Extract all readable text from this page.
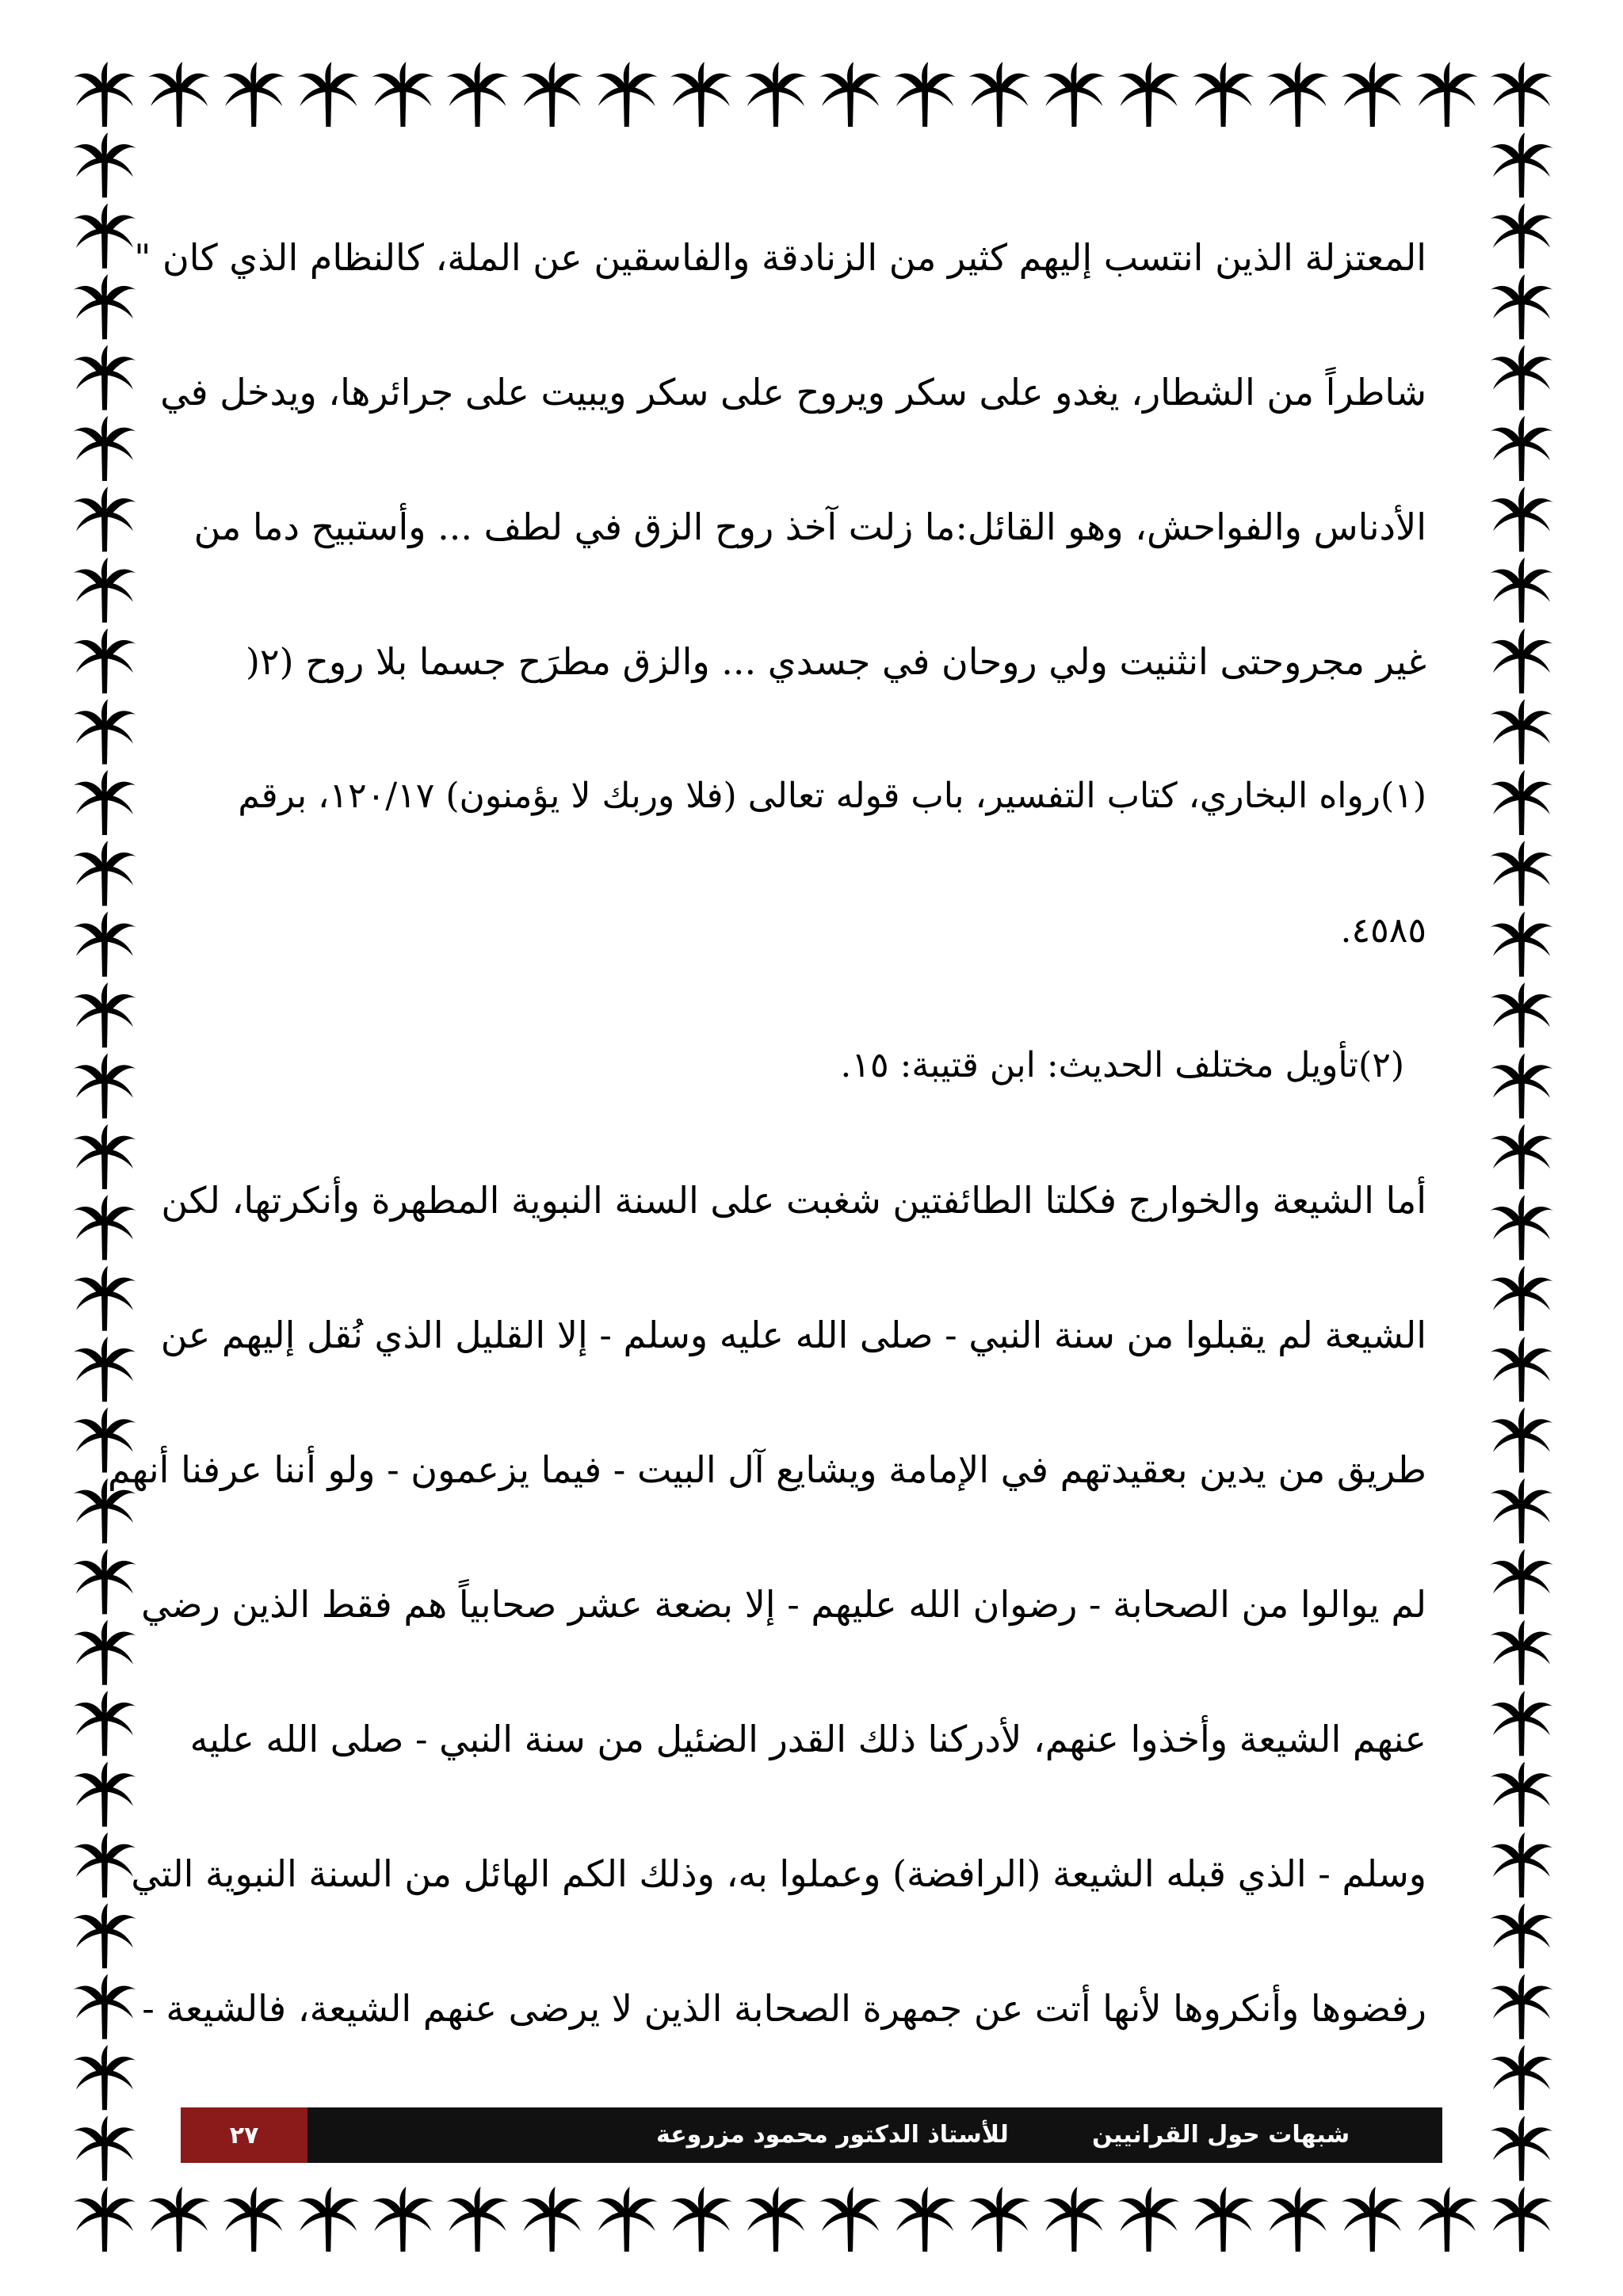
المعتزلة الذين انتسب إليهم كثير من الزنادقة والفاسقين عن الملة، كالنظام الذي كان "
شاطراً من الشطار، يغدو على سكر ويروح على سكر ويبيت على جرائرها، ويدخل في
الأدناس والفواحش، وهو القائل:ما زلت آخذ روح الزق في لطف ... وأستبيح دما من
غير مجروحتى انثنيت ولي روحان في جسدي ... والزق مطرَح جسما بلا روح (٢(
(١)رواه البخاري، كتاب التفسير، باب قوله تعالى (فلا وربك لا يؤمنون) ١٢٠/١٧، برقم
٤٥٨٥.
(٢)تأويل مختلف الحديث: ابن قتيبة: ١٥.
أما الشيعة والخوارج فكلتا الطائفتين شغبت على السنة النبوية المطهرة وأنكرتها، لكن
الشيعة لم يقبلوا من سنة النبي - صلى الله عليه وسلم - إلا القليل الذي نُقل إليهم عن
طريق من يدين بعقيدتهم في الإمامة ويشايع آل البيت - فيما يزعمون - ولو أننا عرفنا أنهم
لم يوالوا من الصحابة - رضوان الله عليهم - إلا بضعة عشر صحابياً هم فقط الذين رضي
عنهم الشيعة وأخذوا عنهم، لأدركنا ذلك القدر الضئيل من سنة النبي - صلى الله عليه
وسلم - الذي قبله الشيعة (الرافضة) وعملوا به، وذلك الكم الهائل من السنة النبوية التي
رفضوها وأنكروها لأنها أتت عن جمهرة الصحابة الذين لا يرضى عنهم الشيعة، فالشيعة -
٢٧	للأستاذ الدكتور محمود مزروعة	شبهات حول القرانيين
